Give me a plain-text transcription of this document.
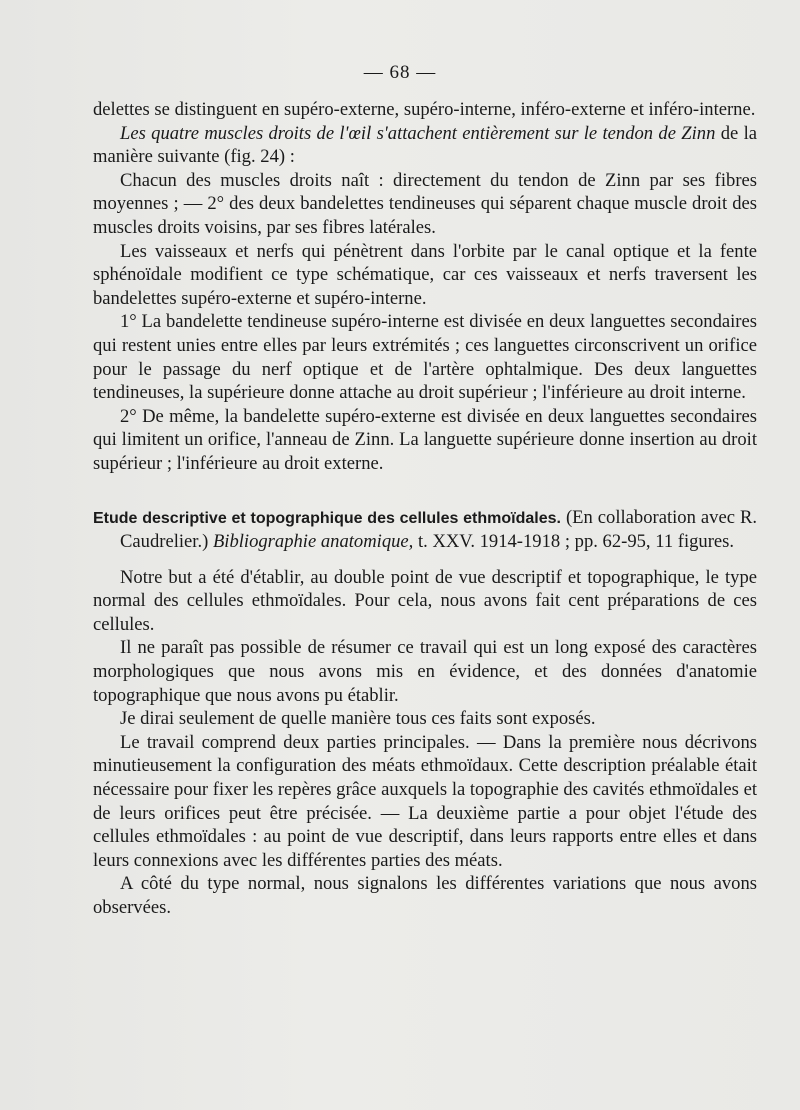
— 68 —

delettes se distinguent en supéro-externe, supéro-interne, inféro-externe et inféro-interne.

Les quatre muscles droits de l'œil s'attachent entièrement sur le tendon de Zinn de la manière suivante (fig. 24) :

Chacun des muscles droits naît : directement du tendon de Zinn par ses fibres moyennes ; — 2° des deux bandelettes tendineuses qui séparent chaque muscle droit des muscles droits voisins, par ses fibres latérales.

Les vaisseaux et nerfs qui pénètrent dans l'orbite par le canal optique et la fente sphénoïdale modifient ce type schématique, car ces vaisseaux et nerfs traversent les bandelettes supéro-externe et supéro-interne.

1° La bandelette tendineuse supéro-interne est divisée en deux languettes secondaires qui restent unies entre elles par leurs extrémités ; ces languettes circonscrivent un orifice pour le passage du nerf optique et de l'artère ophtalmique. Des deux languettes tendineuses, la supérieure donne attache au droit supérieur ; l'inférieure au droit interne.

2° De même, la bandelette supéro-externe est divisée en deux languettes secondaires qui limitent un orifice, l'anneau de Zinn. La languette supérieure donne insertion au droit supérieur ; l'inférieure au droit externe.

Etude descriptive et topographique des cellules ethmoïdales. (En collaboration avec R. Caudrelier.) Bibliographie anatomique, t. XXV. 1914-1918 ; pp. 62-95, 11 figures.

Notre but a été d'établir, au double point de vue descriptif et topographique, le type normal des cellules ethmoïdales. Pour cela, nous avons fait cent préparations de ces cellules.

Il ne paraît pas possible de résumer ce travail qui est un long exposé des caractères morphologiques que nous avons mis en évidence, et des données d'anatomie topographique que nous avons pu établir.

Je dirai seulement de quelle manière tous ces faits sont exposés.

Le travail comprend deux parties principales. — Dans la première nous décrivons minutieusement la configuration des méats ethmoïdaux. Cette description préalable était nécessaire pour fixer les repères grâce auxquels la topographie des cavités ethmoïdales et de leurs orifices peut être précisée. — La deuxième partie a pour objet l'étude des cellules ethmoïdales : au point de vue descriptif, dans leurs rapports entre elles et dans leurs connexions avec les différentes parties des méats.

A côté du type normal, nous signalons les différentes variations que nous avons observées.
